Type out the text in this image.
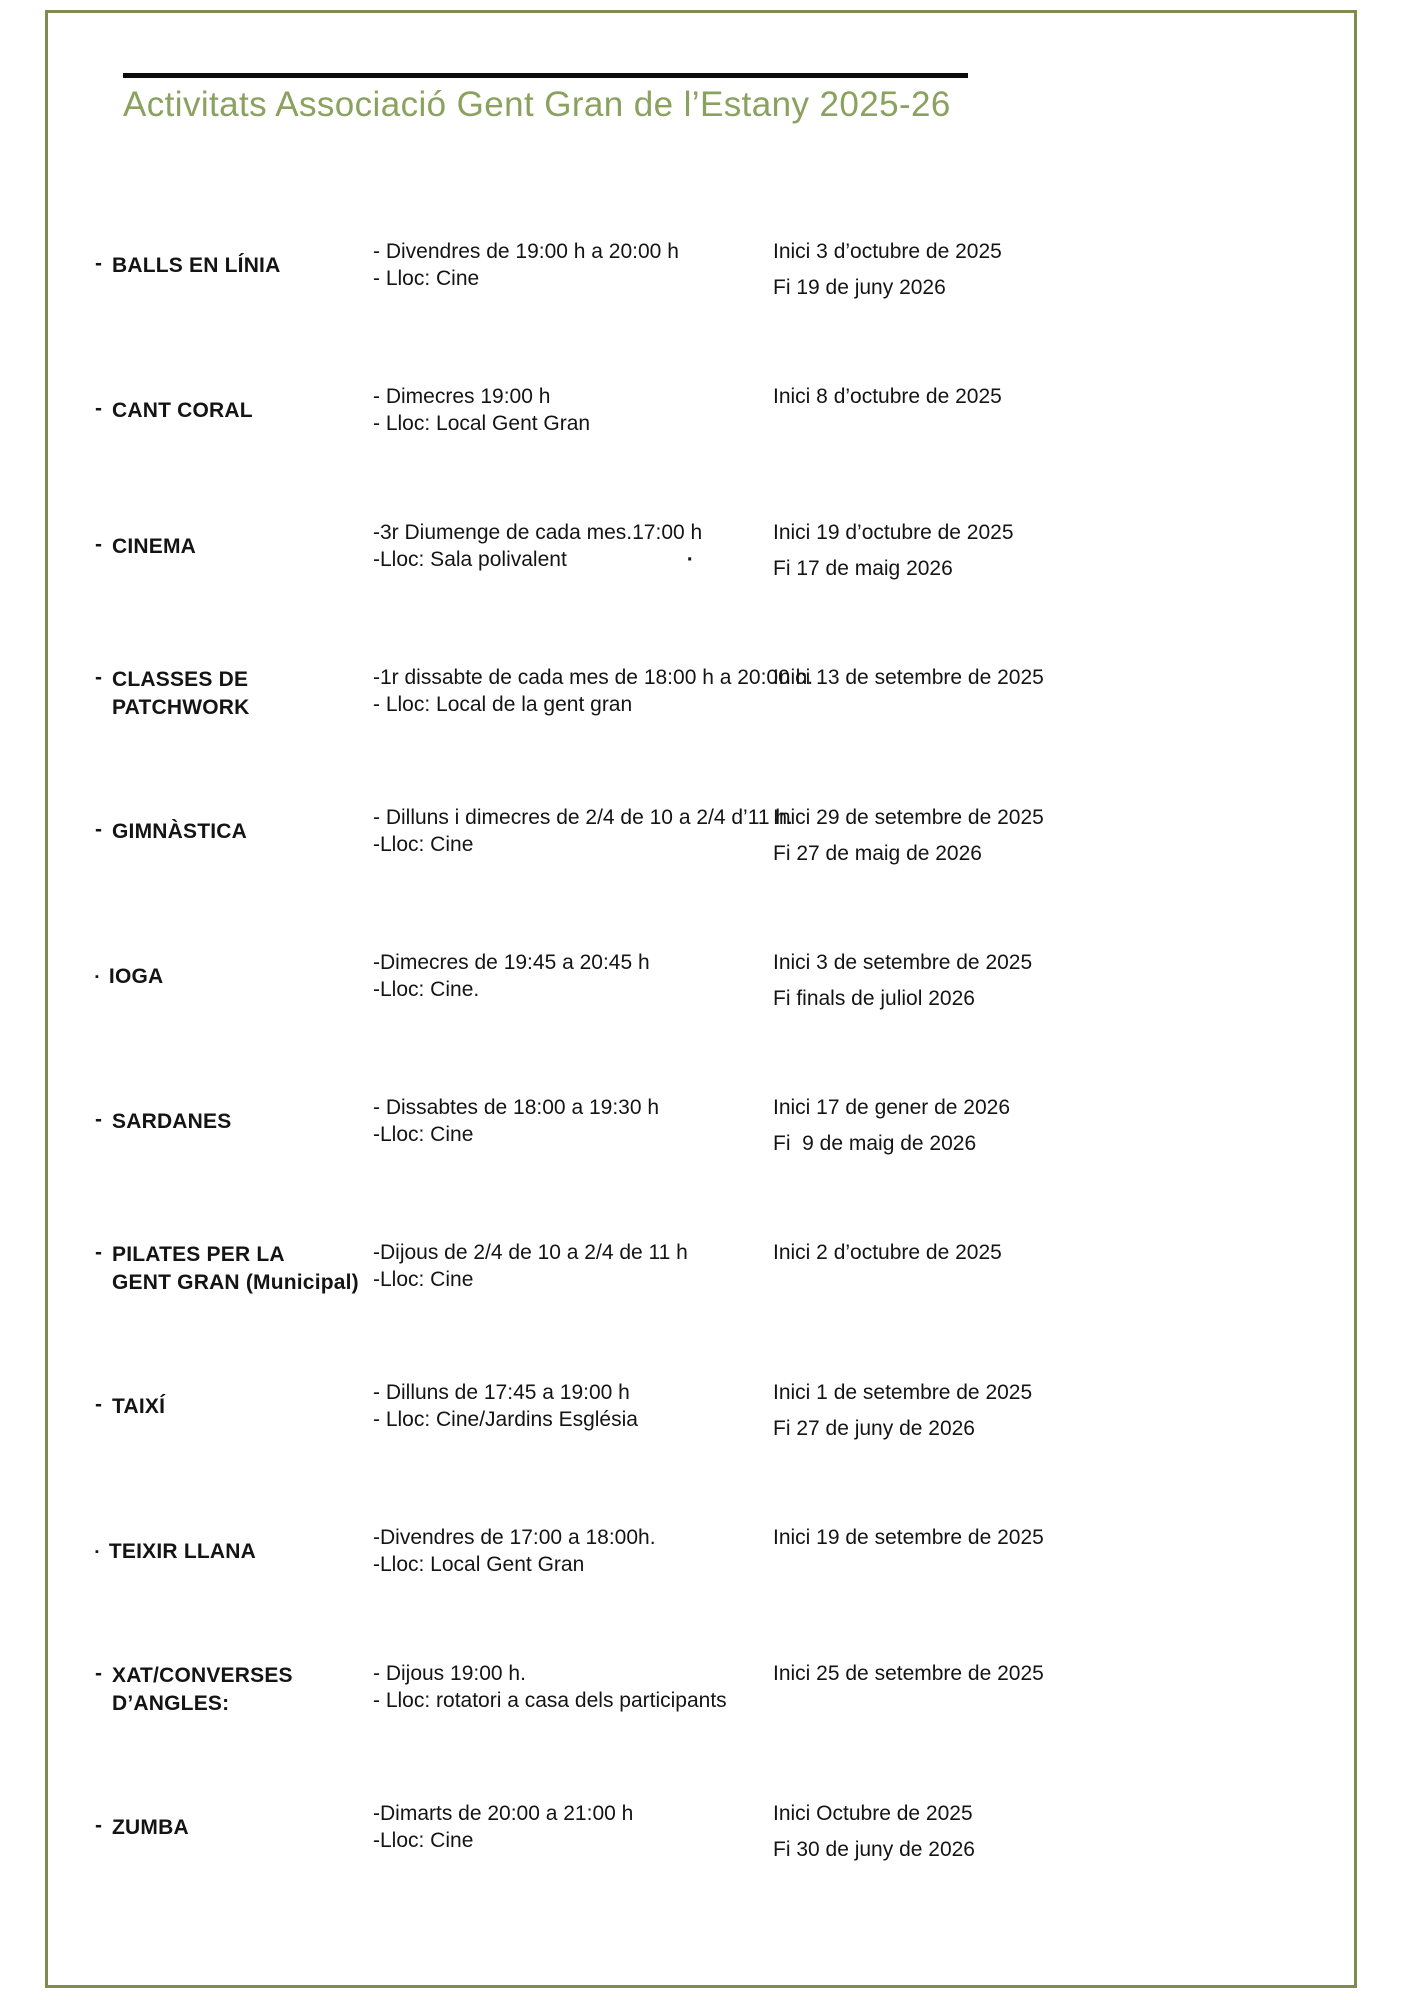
Activitats Associació Gent Gran de l’Estany 2025-26
- BALLS EN LÍNIA
- Divendres de 19:00 h a 20:00 h
- Lloc: Cine
Inici 3 d’octubre de 2025
Fi 19 de juny 2026
- CANT CORAL
- Dimecres 19:00 h
- Lloc: Local Gent Gran
Inici 8 d’octubre de 2025
- CINEMA
-3r Diumenge de cada mes.17:00 h
-Lloc: Sala polivalent	·
Inici 19 d’octubre de 2025
Fi 17 de maig 2026
- CLASSES DE
PATCHWORK
-1r dissabte de cada mes de 18:00 h a 20:00 h.
- Lloc: Local de la gent gran
Inici 13 de setembre de 2025
- GIMNÀSTICA
- Dilluns i dimecres de 2/4 de 10 a 2/4 d’11 h.
-Lloc: Cine
Inici 29 de setembre de 2025
Fi 27 de maig de 2026
▪ IOGA
-Dimecres de 19:45 a 20:45 h
-Lloc: Cine.
Inici 3 de setembre de 2025
Fi finals de juliol 2026
- SARDANES
- Dissabtes de 18:00 a 19:30 h
-Lloc: Cine
Inici 17 de gener de 2026
Fi  9 de maig de 2026
- PILATES PER LA
GENT GRAN (Municipal)
-Dijous de 2/4 de 10 a 2/4 de 11 h
-Lloc: Cine
Inici 2 d’octubre de 2025
- TAIXÍ
- Dilluns de 17:45 a 19:00 h
- Lloc: Cine/Jardins Església
Inici 1 de setembre de 2025
Fi 27 de juny de 2026
▪ TEIXIR LLANA
-Divendres de 17:00 a 18:00h.
-Lloc: Local Gent Gran
Inici 19 de setembre de 2025
- XAT/CONVERSES
D’ANGLES:
- Dijous 19:00 h.
- Lloc: rotatori a casa dels participants
Inici 25 de setembre de 2025
- ZUMBA
-Dimarts de 20:00 a 21:00 h
-Lloc: Cine
Inici Octubre de 2025
Fi 30 de juny de 2026
